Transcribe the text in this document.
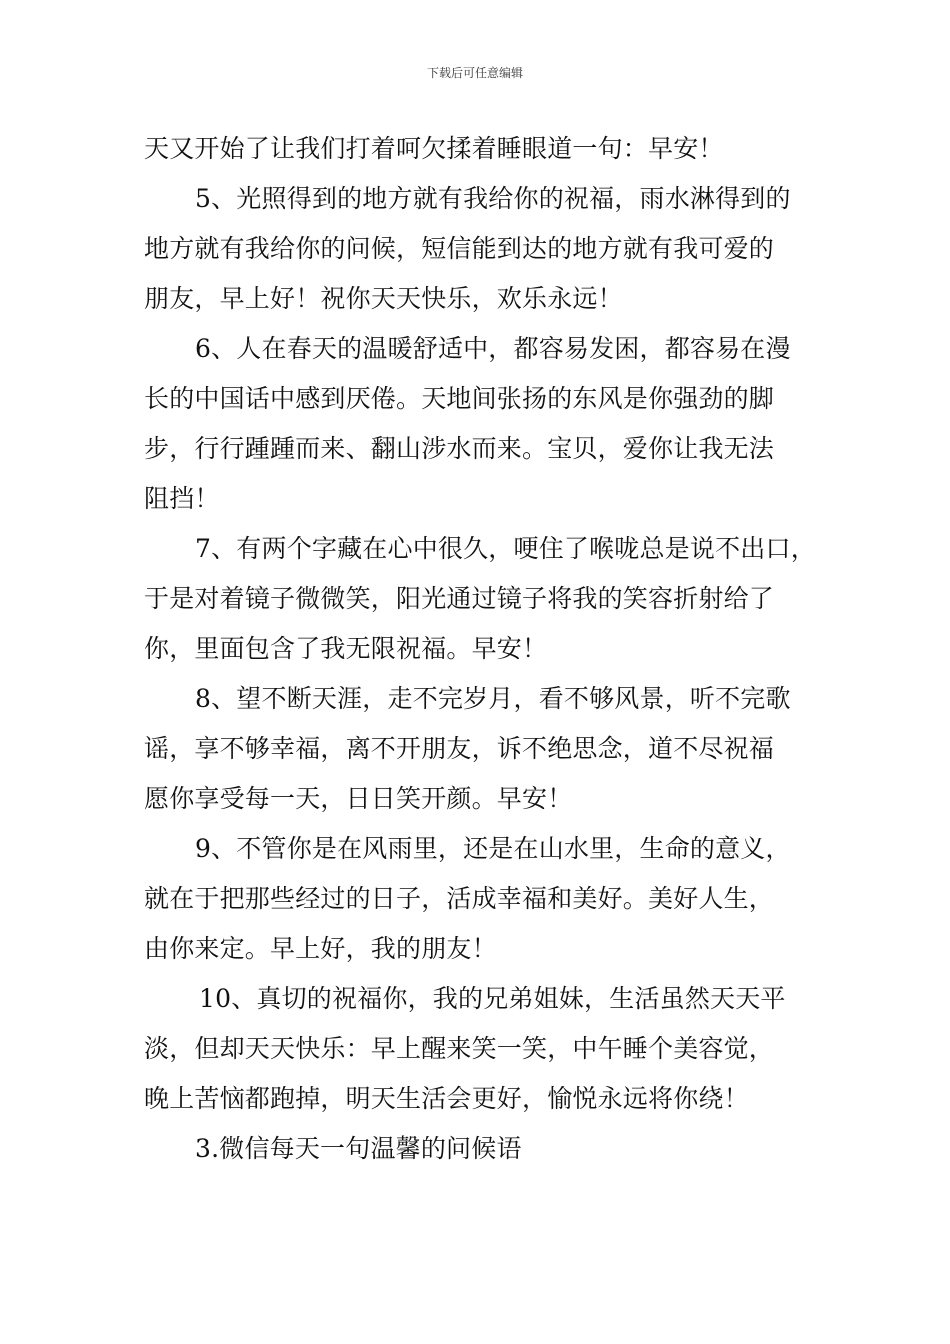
下载后可任意编辑
天又开始了让我们打着呵欠揉着睡眼道一句：早安！
5、光照得到的地方就有我给你的祝福，雨水淋得到的
地方就有我给你的问候，短信能到达的地方就有我可爱的
朋友，早上好！祝你天天快乐，欢乐永远！
6、人在春天的温暖舒适中，都容易发困，都容易在漫
长的中国话中感到厌倦。天地间张扬的东风是你强劲的脚
步，行行踵踵而来、翻山涉水而来。宝贝，爱你让我无法
阻挡！
7、有两个字藏在心中很久，哽住了喉咙总是说不出口，
于是对着镜子微微笑，阳光通过镜子将我的笑容折射给了
你，里面包含了我无限祝福。早安！
8、望不断天涯，走不完岁月，看不够风景，听不完歌
谣，享不够幸福，离不开朋友，诉不绝思念，道不尽祝福
愿你享受每一天，日日笑开颜。早安！
9、不管你是在风雨里，还是在山水里，生命的意义，
就在于把那些经过的日子，活成幸福和美好。美好人生，
由你来定。早上好，我的朋友！
10、真切的祝福你，我的兄弟姐妹，生活虽然天天平
淡，但却天天快乐：早上醒来笑一笑，中午睡个美容觉，
晚上苦恼都跑掉，明天生活会更好，愉悦永远将你绕！
3.微信每天一句温馨的问候语
